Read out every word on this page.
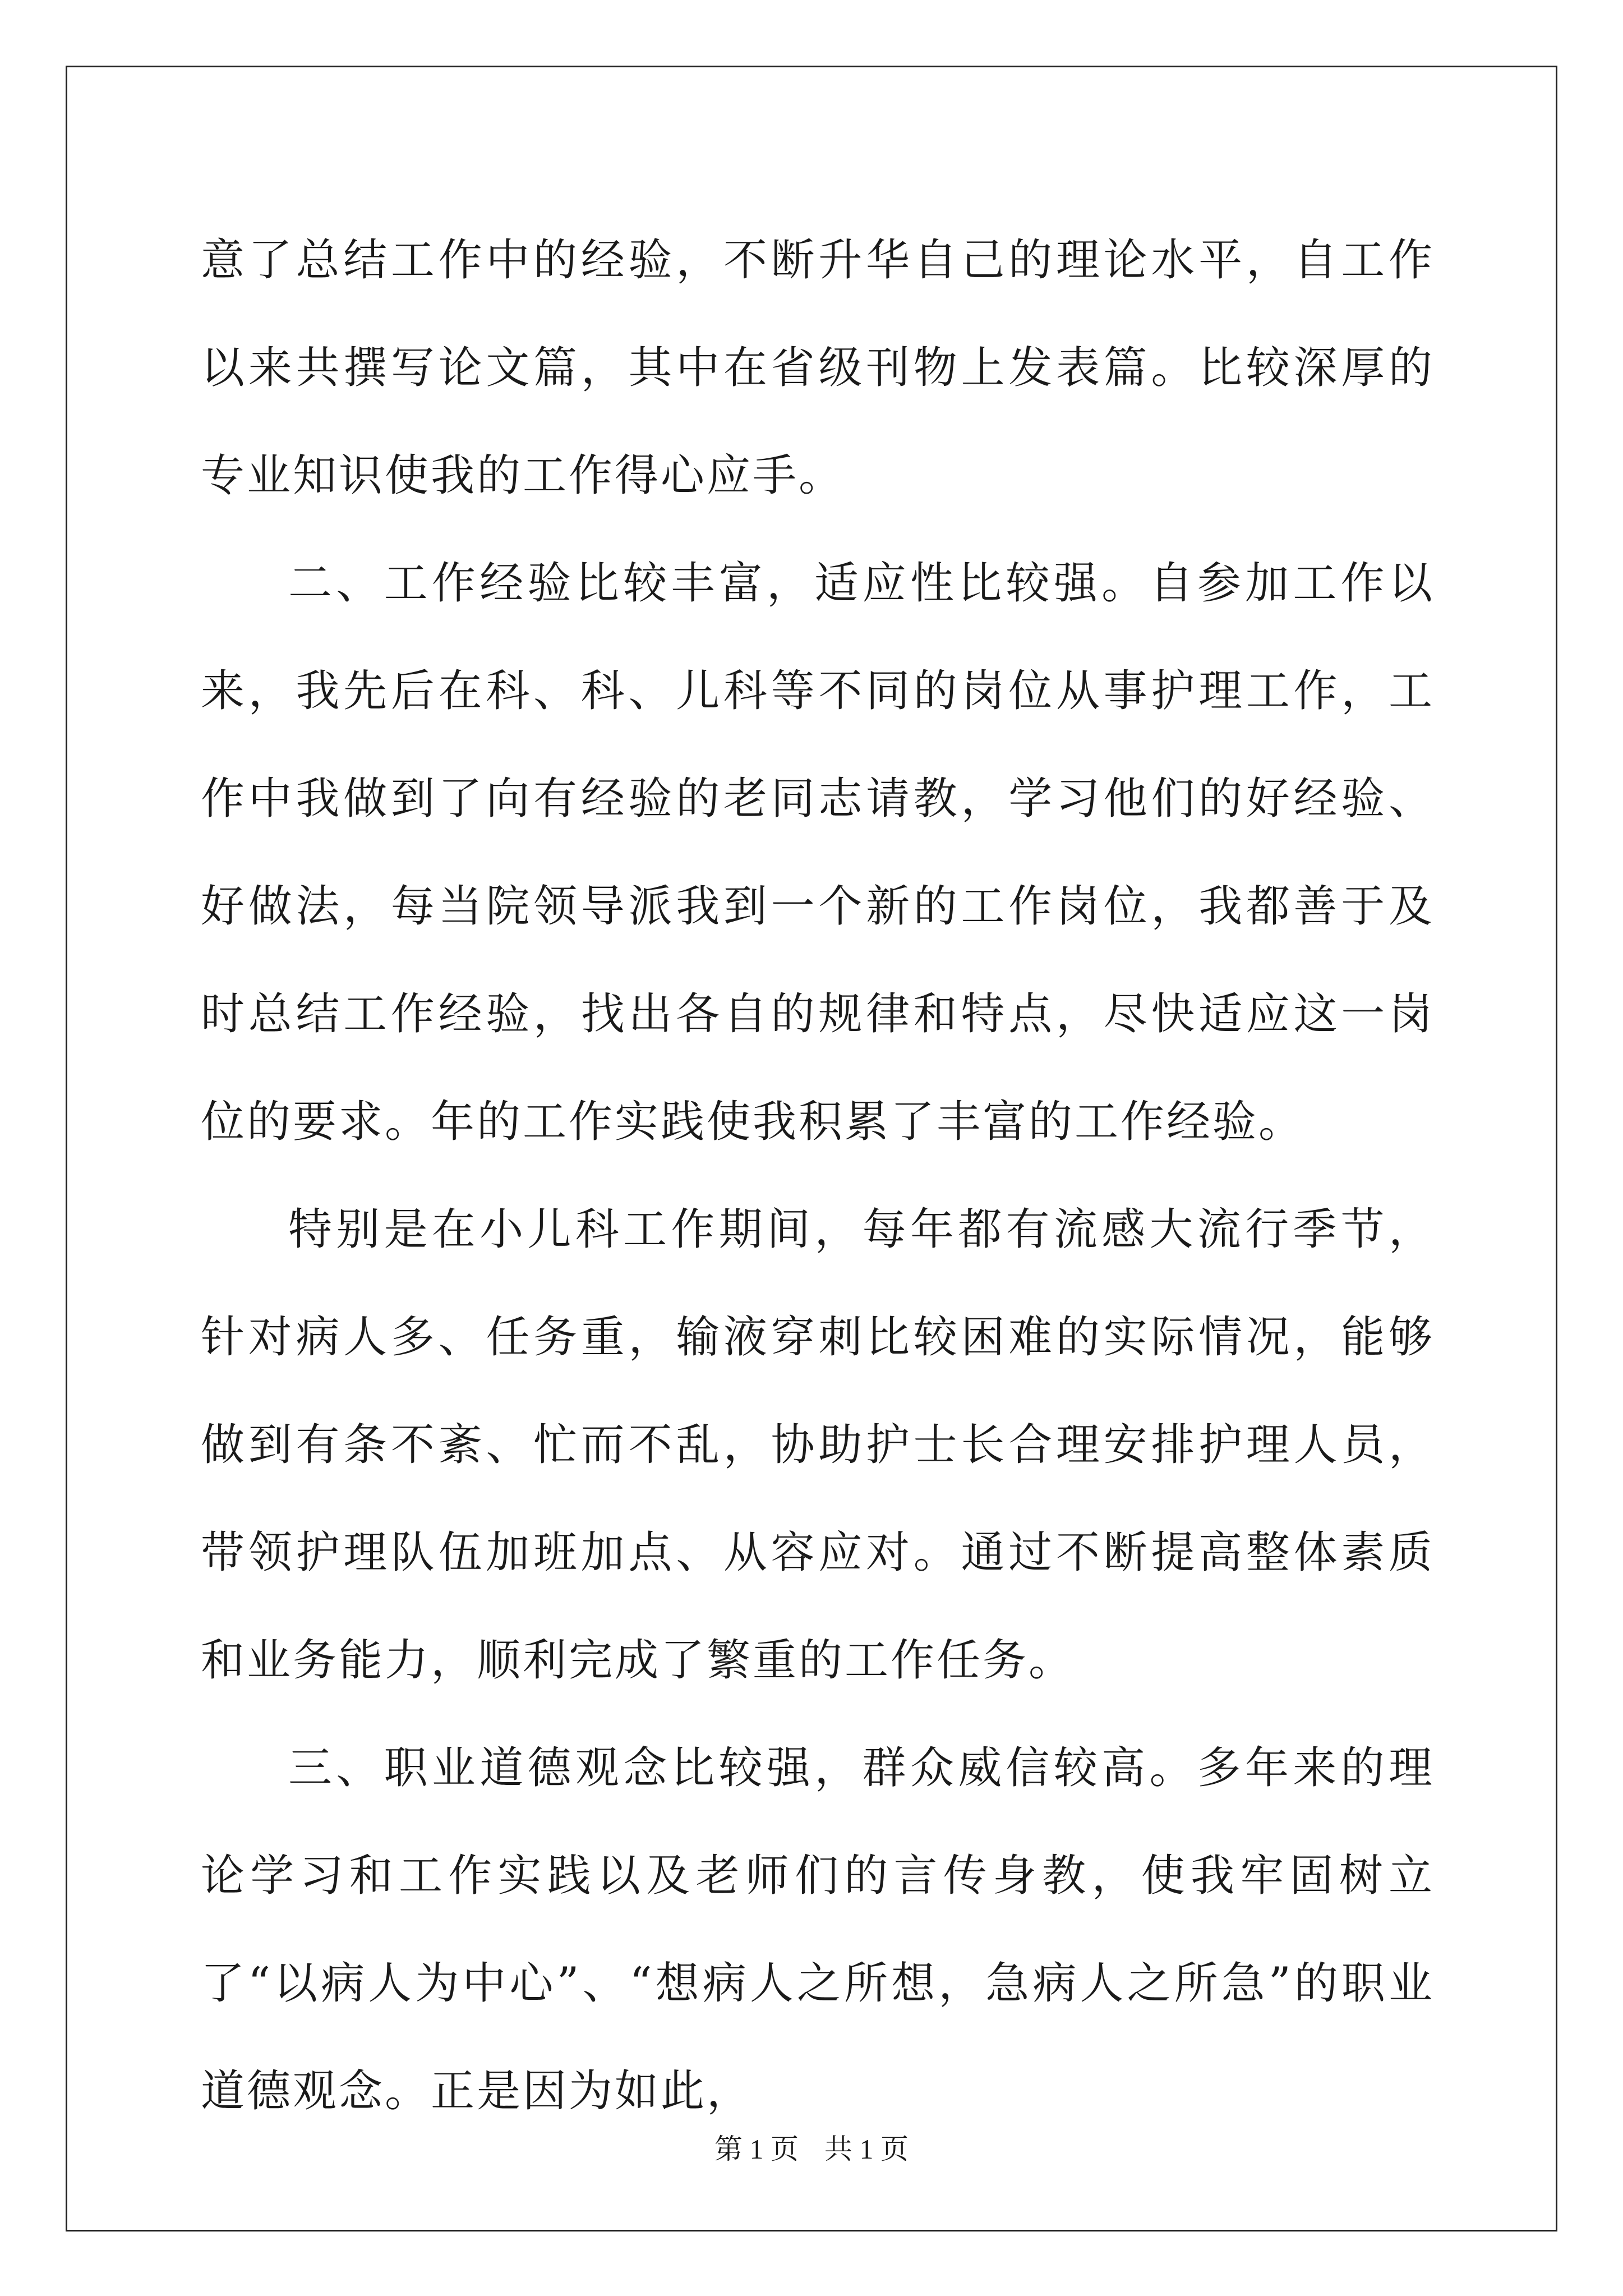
意了总结工作中的经验，不断升华自己的理论水平，自工作以来共撰写论文篇，其中在省级刊物上发表篇。比较深厚的专业知识使我的工作得心应手。

二、工作经验比较丰富，适应性比较强。自参加工作以来，我先后在科、科、儿科等不同的岗位从事护理工作，工作中我做到了向有经验的老同志请教，学习他们的好经验、好做法，每当院领导派我到一个新的工作岗位，我都善于及时总结工作经验，找出各自的规律和特点，尽快适应这一岗位的要求。年的工作实践使我积累了丰富的工作经验。

特别是在小儿科工作期间，每年都有流感大流行季节，针对病人多、任务重，输液穿刺比较困难的实际情况，能够做到有条不紊、忙而不乱，协助护士长合理安排护理人员，带领护理队伍加班加点、从容应对。通过不断提高整体素质和业务能力，顺利完成了繁重的工作任务。

三、职业道德观念比较强，群众威信较高。多年来的理论学习和工作实践以及老师们的言传身教，使我牢固树立了“以病人为中心”、“想病人之所想，急病人之所急”的职业道德观念。正是因为如此，

第 1 页 共 1 页
